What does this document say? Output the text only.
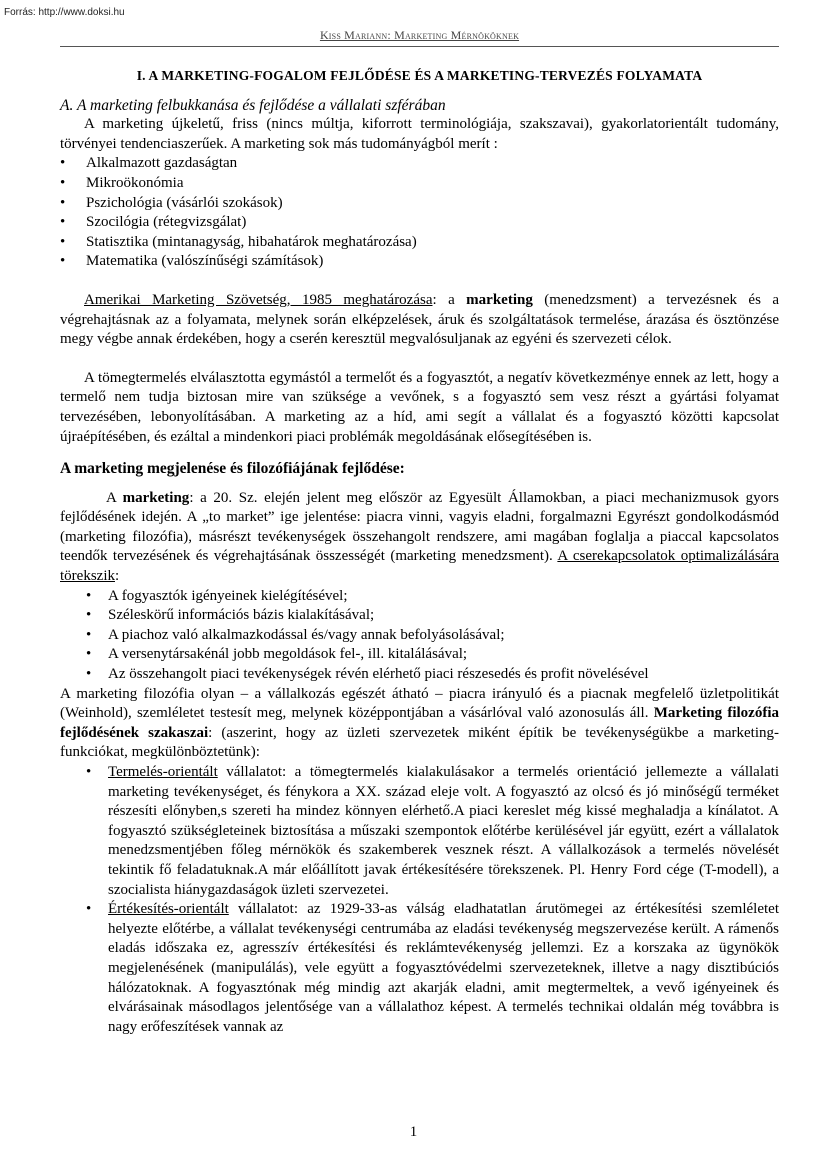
Forrás: http://www.doksi.hu
Kiss Mariann: Marketing Mérnököknek
I. A MARKETING-FOGALOM FEJLŐDÉSE ÉS A MARKETING-TERVEZÉS FOLYAMATA

A. A marketing felbukkanása és fejlődése a vállalati szférában

A marketing újkeletű, friss (nincs múltja, kiforrott terminológiája, szakszavai), gyakorlatorientált tudomány, törvényei tendenciaszerűek. A marketing sok más tudományágból merít :

• Alkalmazott gazdaságtan
• Mikroökonómia
• Pszichológia (vásárlói szokások)
• Szocilógia (rétegvizsgálat)
• Statisztika (mintanagyság, hibahatárok meghatározása)
• Matematika (valószínűségi számítások)

Amerikai Marketing Szövetség, 1985 meghatározása: a marketing (menedzsment) a tervezésnek és a végrehajtásnak az a folyamata, melynek során elképzelések, áruk és szolgáltatások termelése, árazása és ösztönzése megy végbe annak érdekében, hogy a cserén keresztül megvalósuljanak az egyéni és szervezeti célok.

A tömegtermelés elválasztotta egymástól a termelőt és a fogyasztót, a negatív következménye ennek az lett, hogy a termelő nem tudja biztosan mire van szüksége a vevőnek, s a fogyasztó sem vesz részt a gyártási folyamat tervezésében, lebonyolításában. A marketing az a híd, ami segít a vállalat és a fogyasztó közötti kapcsolat újraépítésében, és ezáltal a mindenkori piaci problémák megoldásának elősegítésében is.

A marketing megjelenése és filozófiájának fejlődése:

A marketing: a 20. Sz. elején jelent meg először az Egyesült Államokban, a piaci mechanizmusok gyors fejlődésének idején. A „to market” ige jelentése: piacra vinni, vagyis eladni, forgalmazni Egyrészt gondolkodásmód (marketing filozófia), másrészt tevékenységek összehangolt rendszere, ami magában foglalja a piaccal kapcsolatos teendők tervezésének és végrehajtásának összességét (marketing menedzsment). A cserekapcsolatok optimalizálására törekszik:

• A fogyasztók igényeinek kielégítésével;
• Széleskörű információs bázis kialakításával;
• A piachoz való alkalmazkodással és/vagy annak befolyásolásával;
• A versenytársakénál jobb megoldások fel-, ill. kitalálásával;
• Az összehangolt piaci tevékenységek révén elérhető piaci részesedés és profit növelésével

A marketing filozófia olyan – a vállalkozás egészét átható – piacra irányuló és a piacnak megfelelő üzletpolitikát (Weinhold), szemléletet testesít meg, melynek középpontjában a vásárlóval való azonosulás áll. Marketing filozófia fejlődésének szakaszai: (aszerint, hogy az üzleti szervezetek miként építik be tevékenységükbe a marketing-funkciókat, megkülönböztetünk):

• Termelés-orientált vállalatot: a tömegtermelés kialakulásakor a termelés orientáció jellemezte a vállalati marketing tevékenységet, és fénykora a XX. század eleje volt. A fogyasztó az olcsó és jó minőségű terméket részesíti előnyben,s szereti ha mindez könnyen elérhető.A piaci kereslet még kissé meghaladja a kínálatot. A fogyasztó szükségleteinek biztosítása a műszaki szempontok előtérbe kerülésével jár együtt, ezért a vállalatok menedzsmentjében főleg mérnökök és szakemberek vesznek részt. A vállalkozások a termelés növelését tekintik fő feladatuknak.A már előállított javak értékesítésére törekszenek. Pl. Henry Ford cége (T-modell), a szocialista hiánygazdaságok üzleti szervezetei.
• Értékesítés-orientált vállalatot: az 1929-33-as válság eladhatatlan árutömegei az értékesítési szemléletet helyezte előtérbe, a vállalat tevékenységi centrumába az eladási tevékenység megszervezése került. A rámenős eladás időszaka ez, agresszív értékesítési és reklámtevékenység jellemzi. Ez a korszaka az ügynökök megjelenésének (manipulálás), vele együtt a fogyasztóvédelmi szervezeteknek, illetve a nagy disztibúciós hálózatoknak. A fogyasztónak még mindig azt akarják eladni, amit megtermeltek, a vevő igényeinek és elvárásainak másodlagos jelentősége van a vállalathoz képest. A termelés technikai oldalán még továbbra is nagy erőfeszítések vannak az
1
